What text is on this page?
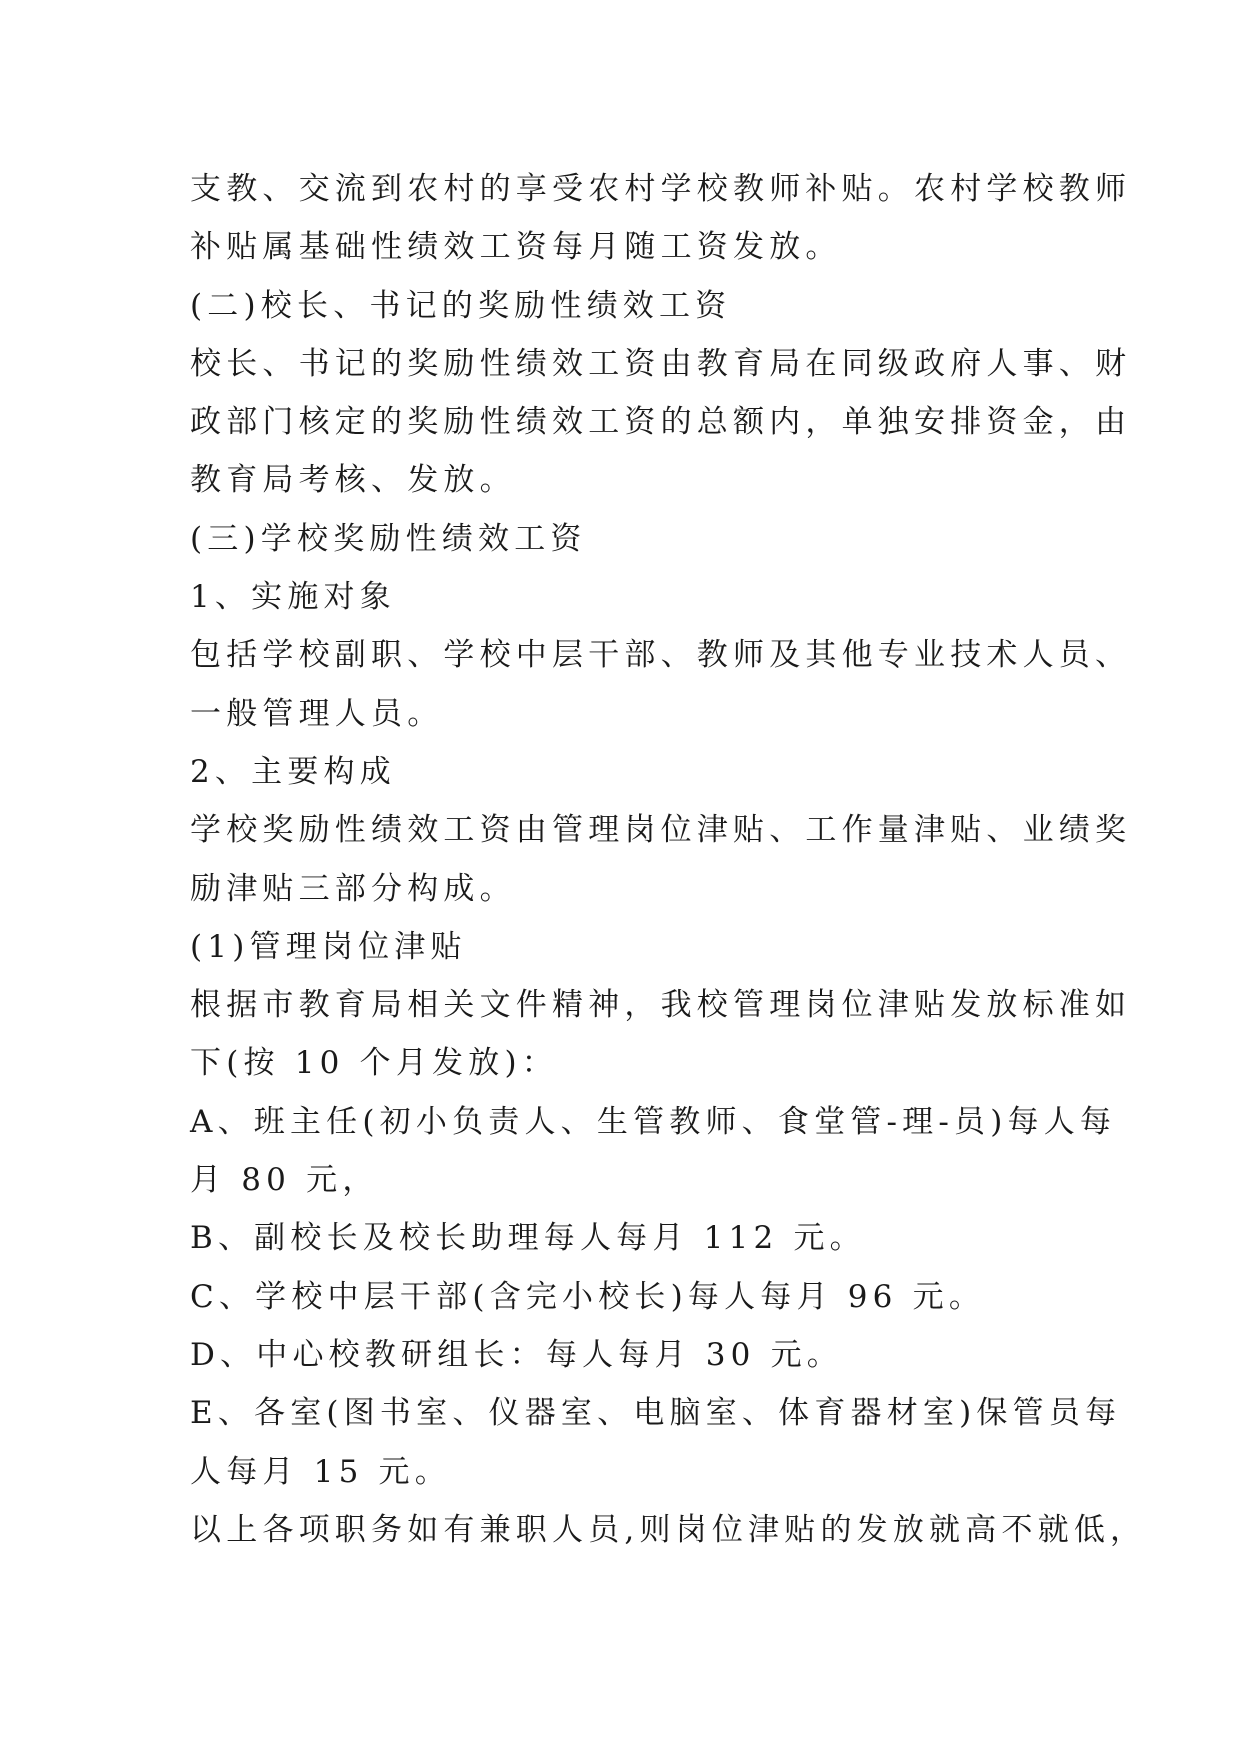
支教、交流到农村的享受农村学校教师补贴。农村学校教师
补贴属基础性绩效工资每月随工资发放。
(二)校长、书记的奖励性绩效工资
校长、书记的奖励性绩效工资由教育局在同级政府人事、财
政部门核定的奖励性绩效工资的总额内，单独安排资金，由
教育局考核、发放。
(三)学校奖励性绩效工资
1、实施对象
包括学校副职、学校中层干部、教师及其他专业技术人员、
一般管理人员。
2、主要构成
学校奖励性绩效工资由管理岗位津贴、工作量津贴、业绩奖
励津贴三部分构成。
(1)管理岗位津贴
根据市教育局相关文件精神，我校管理岗位津贴发放标准如
下(按 10 个月发放)：
A、班主任(初小负责人、生管教师、食堂管-理-员)每人每
月 80 元，
B、副校长及校长助理每人每月 112 元。
C、学校中层干部(含完小校长)每人每月 96 元。
D、中心校教研组长：每人每月 30 元。
E、各室(图书室、仪器室、电脑室、体育器材室)保管员每
人每月 15 元。
以上各项职务如有兼职人员,则岗位津贴的发放就高不就低，
